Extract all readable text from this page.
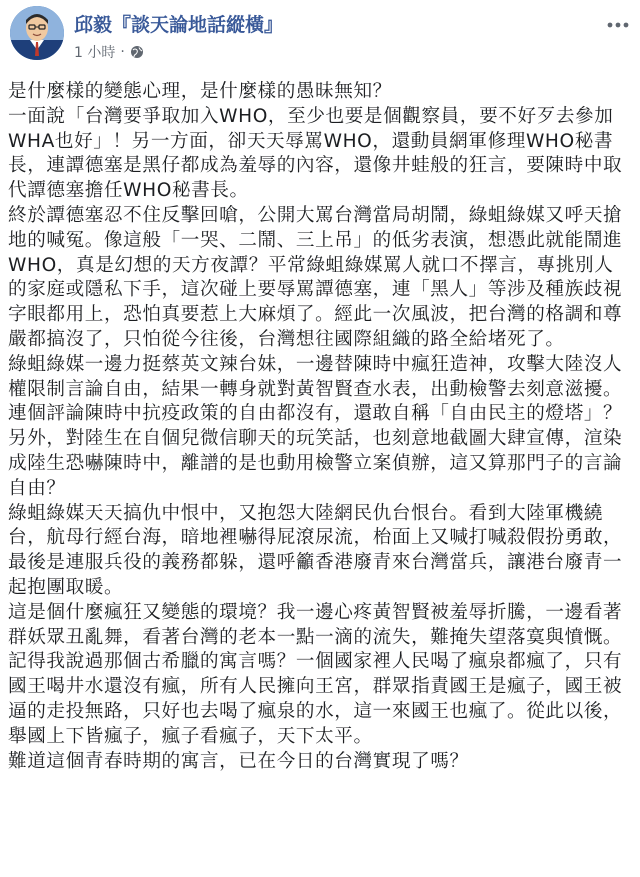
邱毅『談天論地話縱橫』
1 小時 ·

是什麼樣的變態心理，是什麼樣的愚昧無知？

一面說「台灣要爭取加入WHO，至少也要是個觀察員，要不好歹去參加WHA也好」！另一方面，卻天天辱罵WHO，還動員網軍修理WHO秘書長，連譚德塞是黑仔都成為羞辱的內容，還像井蛙般的狂言，要陳時中取代譚德塞擔任WHO秘書長。

終於譚德塞忍不住反擊回嗆，公開大罵台灣當局胡鬧，綠蛆綠媒又呼天搶地的喊冤。像這般「一哭、二鬧、三上吊」的低劣表演，想憑此就能鬧進WHO，真是幻想的天方夜譚？平常綠蛆綠媒罵人就口不擇言，專挑別人的家庭或隱私下手，這次碰上要辱罵譚德塞，連「黑人」等涉及種族歧視字眼都用上，恐怕真要惹上大麻煩了。經此一次風波，把台灣的格調和尊嚴都搞沒了，只怕從今往後，台灣想往國際組織的路全給堵死了。

綠蛆綠媒一邊力挺蔡英文辣台妹，一邊替陳時中瘋狂造神，攻擊大陸沒人權限制言論自由，結果一轉身就對黃智賢查水表，出動檢警去刻意滋擾。連個評論陳時中抗疫政策的自由都沒有，還敢自稱「自由民主的燈塔」？另外，對陸生在自個兒微信聊天的玩笑話，也刻意地截圖大肆宣傳，渲染成陸生恐嚇陳時中，離譜的是也動用檢警立案偵辦，這又算那門子的言論自由？

綠蛆綠媒天天搞仇中恨中，又抱怨大陸網民仇台恨台。看到大陸軍機繞台，航母行經台海，暗地裡嚇得屁滾尿流，枱面上又喊打喊殺假扮勇敢，最後是連服兵役的義務都躲，還呼籲香港廢青來台灣當兵，讓港台廢青一起抱團取暖。

這是個什麼瘋狂又變態的環境？我一邊心疼黃智賢被羞辱折騰，一邊看著群妖眾丑亂舞，看著台灣的老本一點一滴的流失，難掩失望落寞與憤慨。記得我說過那個古希臘的寓言嗎？一個國家裡人民喝了瘋泉都瘋了，只有國王喝井水還沒有瘋，所有人民擁向王宮，群眾指責國王是瘋子，國王被逼的走投無路，只好也去喝了瘋泉的水，這一來國王也瘋了。從此以後，舉國上下皆瘋子，瘋子看瘋子，天下太平。

難道這個青春時期的寓言，已在今日的台灣實現了嗎？
